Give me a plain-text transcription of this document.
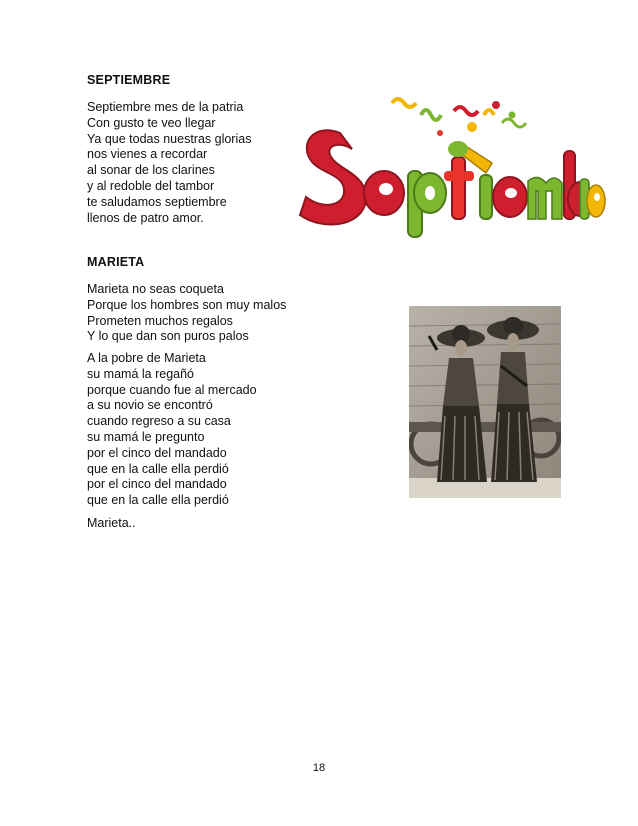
SEPTIEMBRE

Septiembre mes de la patria
Con gusto te veo llegar
Ya que todas nuestras glorias
nos vienes a recordar
al sonar de los clarines
y al redoble del tambor
te saludamos septiembre
llenos de patro amor.

MARIETA

Marieta no seas coqueta
Porque los hombres son muy malos
Prometen muchos regalos
Y lo que dan son puros palos

A la pobre de Marieta
su mamá la regañó
porque cuando fue al mercado
a su novio se encontró
cuando regreso a su casa
su mamá le pregunto
por el cinco del mandado
que en la calle ella perdió
por el cinco del mandado
que en la calle ella perdió

Marieta..

18
